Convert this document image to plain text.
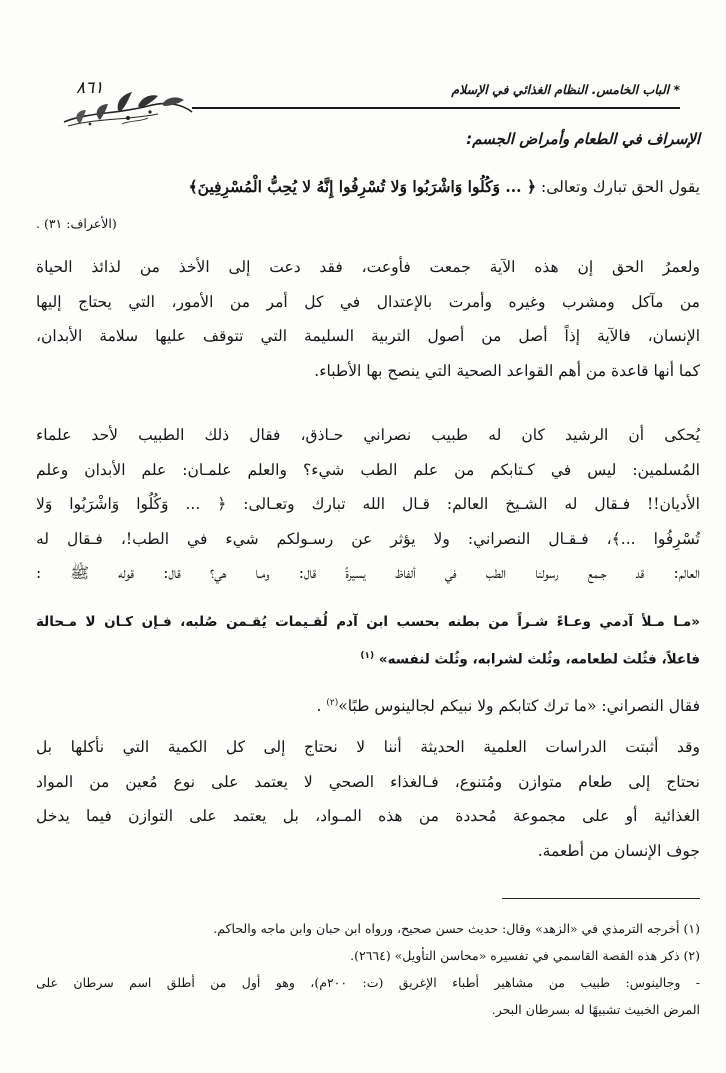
* الباب الخامس. النظام الغذائي في الإسلام
٨٦١
الإسراف في الطعام وأمراض الجسم:

يقول الحق تبارك وتعالى: ﴿ ... وَكُلُوا وَاشْرَبُوا وَلا تُسْرِفُوا إِنَّهُ لا يُحِبُّ الْمُسْرِفِينَ﴾

(الأعراف: ٣١) .

ولعمرُ الحق إن هذه الآية جمعت فأوعت، فقد دعت إلى الأخذ من لذائذ الحياة
من مآكل ومشرب وغيره وأمرت بالإعتدال في كل أمر من الأمور، التي يحتاج إليها
الإنسان، فالآية إذاً أصل من أصول التربية السليمة التي تتوقف عليها سلامة الأبدان،
كما أنها قاعدة من أهم القواعد الصحية التي ينصح بها الأطباء.

يُحكى أن الرشيد كان له طبيب نصراني حـاذق، فقال ذلك الطبيب لأحد علماء
المُسلمين: ليس في كـتابكم من علم الطب شيء؟ والعلم علمـان: علم الأبدان وعلم
الأديان!! فـقال له الشـيخ العالم: قـال الله تبارك وتعـالى: ﴿ ... وَكُلُوا وَاشْرَبُوا وَلا
تُسْرِفُوا ...﴾، فـقـال النصراني: ولا يؤثر عن رسـولكم شيء في الطب!، فـقال له
العالم: قد جـمع رسولنا الطب في ألفاظ يسيرةً قال: ومـا هي؟ قال: قوله ﷺ :

«مـا مـلأ آدمي وعـاءً شـراً من بطنه بحسب ابن آدم لُقـيمات يُقـمن صُلبه، فـإن كـان لا مـحالة
فاعلاً، فثُلث لطعامه، وثُلث لشرابه، وثُلث لنفسه» $^{(١)}$

فقال النصراني: «ما ترك كتابكم ولا نبيكم لجالينوس طبًا»$^{(٢)}$ .

وقد أثبتت الدراسات العلمية الحديثة أننا لا نحتاج إلى كل الكمية التي نأكلها بل
نحتاج إلى طعام متوازن ومُتنوع، فـالغذاء الصحي لا يعتمد على نوع مُعين من المواد
الغذائية أو على مجموعة مُحددة من هذه المـواد، بل يعتمد على التوازن فيما يدخل
جوف الإنسان من أطعمة.

(١) أخرجه الترمذي في «الزهد» وقال: حديث حسن صحيح، ورواه ابن حبان وابن ماجه والحاكم.
(٢) ذكر هذه القصة القاسمي في تفسيره «محاسن التأويل» (٢٦٦٤).
- وجالينوس: طبيب من مشاهير أطباء الإغريق (ت: ٢٠٠م)، وهو أول من أطلق اسم سرطان على
المرض الخبيث تشبيهًا له بسرطان البحر.
